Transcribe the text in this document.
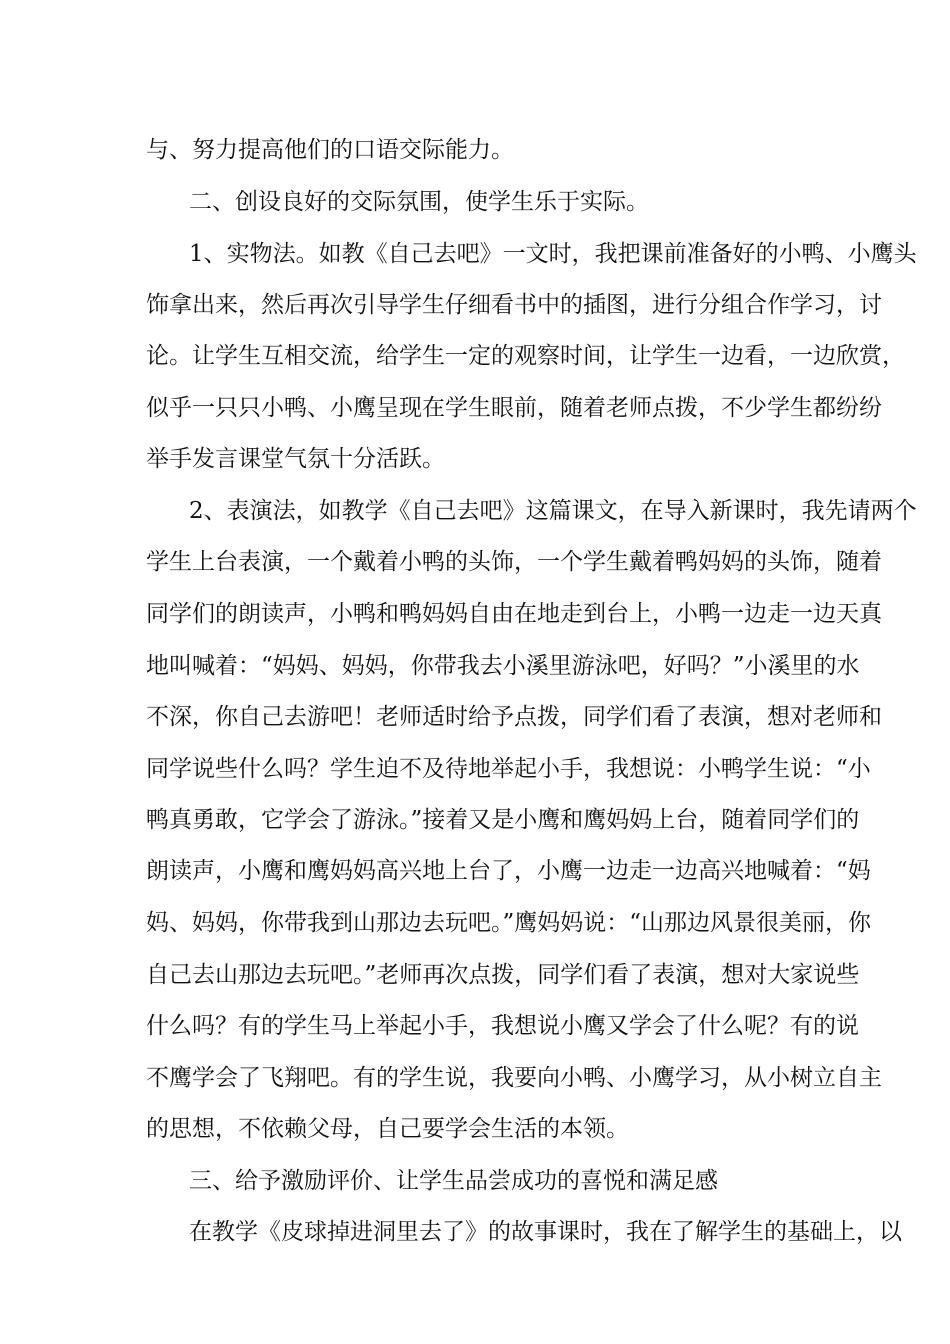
与、努力提高他们的口语交际能力。
二、创设良好的交际氛围，使学生乐于实际。
1、实物法。如教《自己去吧》一文时，我把课前准备好的小鸭、小鹰头
饰拿出来，然后再次引导学生仔细看书中的插图，进行分组合作学习，讨
论。让学生互相交流，给学生一定的观察时间，让学生一边看，一边欣赏，
似乎一只只小鸭、小鹰呈现在学生眼前，随着老师点拨，不少学生都纷纷
举手发言课堂气氛十分活跃。
2、表演法，如教学《自己去吧》这篇课文，在导入新课时，我先请两个
学生上台表演，一个戴着小鸭的头饰，一个学生戴着鸭妈妈的头饰，随着
同学们的朗读声，小鸭和鸭妈妈自由在地走到台上，小鸭一边走一边天真
地叫喊着：“妈妈、妈妈，你带我去小溪里游泳吧，好吗？”小溪里的水
不深，你自己去游吧！老师适时给予点拨，同学们看了表演，想对老师和
同学说些什么吗？学生迫不及待地举起小手，我想说：小鸭学生说：“小
鸭真勇敢，它学会了游泳。”接着又是小鹰和鹰妈妈上台，随着同学们的
朗读声，小鹰和鹰妈妈高兴地上台了，小鹰一边走一边高兴地喊着：“妈
妈、妈妈，你带我到山那边去玩吧。”鹰妈妈说：“山那边风景很美丽，你
自己去山那边去玩吧。”老师再次点拨，同学们看了表演，想对大家说些
什么吗？有的学生马上举起小手，我想说小鹰又学会了什么呢？有的说
不鹰学会了飞翔吧。有的学生说，我要向小鸭、小鹰学习，从小树立自主
的思想，不依赖父母，自己要学会生活的本领。
三、给予激励评价、让学生品尝成功的喜悦和满足感
在教学《皮球掉进洞里去了》的故事课时，我在了解学生的基础上，以
